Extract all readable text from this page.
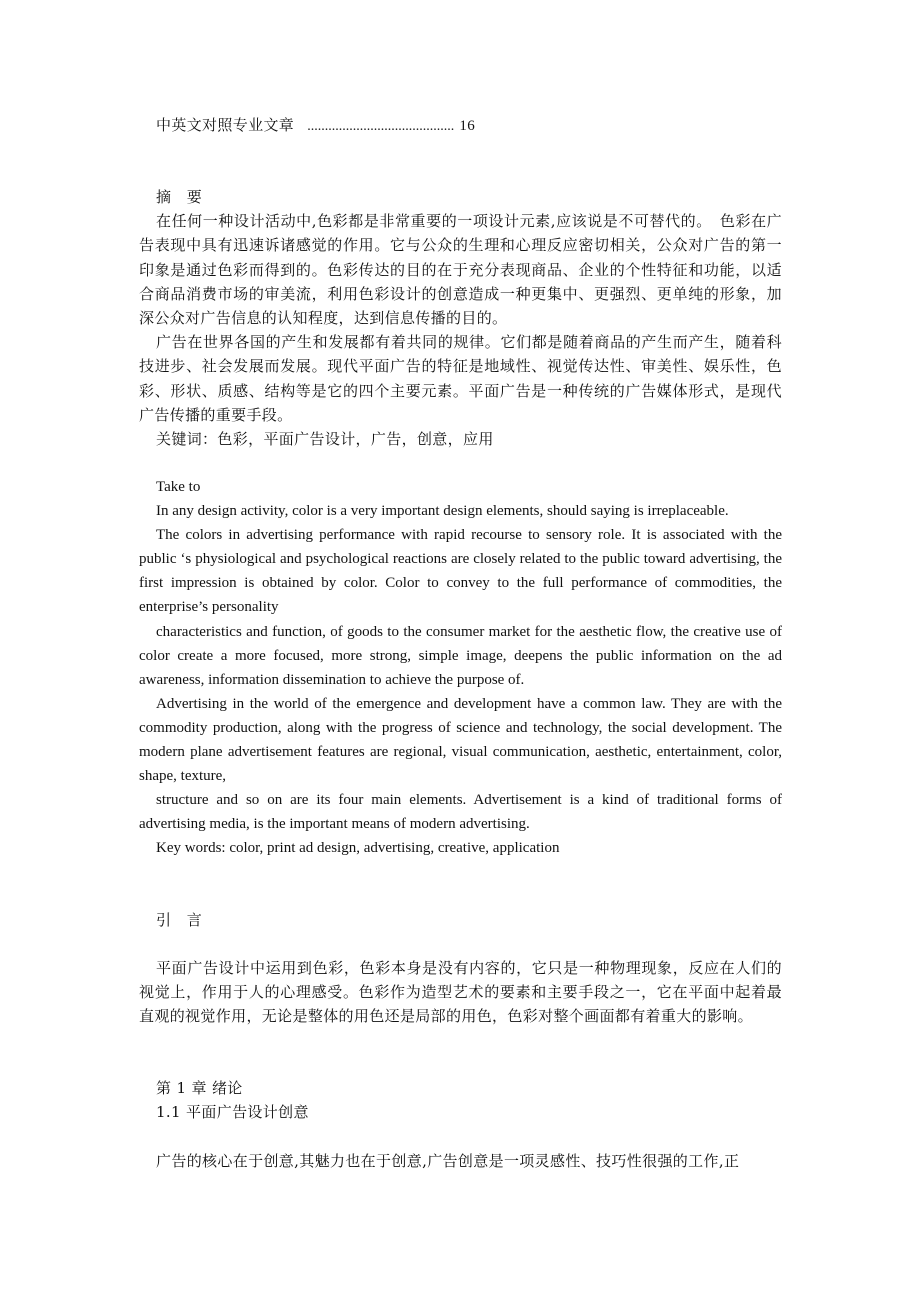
中英文对照专业文章 .......................................... 16

摘　要

在任何一种设计活动中,色彩都是非常重要的一项设计元素,应该说是不可替代的。　色彩在广告表现中具有迅速诉诸感觉的作用。它与公众的生理和心理反应密切相关，公众对广告的第一印象是通过色彩而得到的。色彩传达的目的在于充分表现商品、企业的个性特征和功能，以适合商品消费市场的审美流，利用色彩设计的创意造成一种更集中、更强烈、更单纯的形象，加深公众对广告信息的认知程度，达到信息传播的目的。

广告在世界各国的产生和发展都有着共同的规律。它们都是随着商品的产生而产生，随着科技进步、社会发展而发展。现代平面广告的特征是地域性、视觉传达性、审美性、娱乐性，色彩、形状、质感、结构等是它的四个主要元素。平面广告是一种传统的广告媒体形式，是现代广告传播的重要手段。

关键词：色彩，平面广告设计，广告，创意，应用

Take to

In any design activity, color is a very important design elements, should saying is irreplaceable.

The colors in advertising performance with rapid recourse to sensory role. It is associated with the public ‘s physiological and psychological reactions are closely related to the public toward advertising, the first impression is obtained by color. Color to convey to the full performance of commodities, the enterprise’s personality

characteristics and function, of goods to the consumer market for the aesthetic flow, the creative use of color create a more focused, more strong, simple image, deepens the public information on the ad awareness, information dissemination to achieve the purpose of.

Advertising in the world of the emergence and development have a common law. They are with the commodity production, along with the progress of science and technology, the social development. The modern plane advertisement features are regional, visual communication, aesthetic, entertainment, color, shape, texture,

structure and so on are its four main elements. Advertisement is a kind of traditional forms of advertising media, is the important means of modern advertising.

Key words: color, print ad design, advertising, creative, application

引　言

平面广告设计中运用到色彩，色彩本身是没有内容的，它只是一种物理现象，反应在人们的视觉上，作用于人的心理感受。色彩作为造型艺术的要素和主要手段之一，它在平面中起着最直观的视觉作用，无论是整体的用色还是局部的用色，色彩对整个画面都有着重大的影响。

第 1 章 绪论

1.1 平面广告设计创意

广告的核心在于创意,其魅力也在于创意,广告创意是一项灵感性、技巧性很强的工作,正
